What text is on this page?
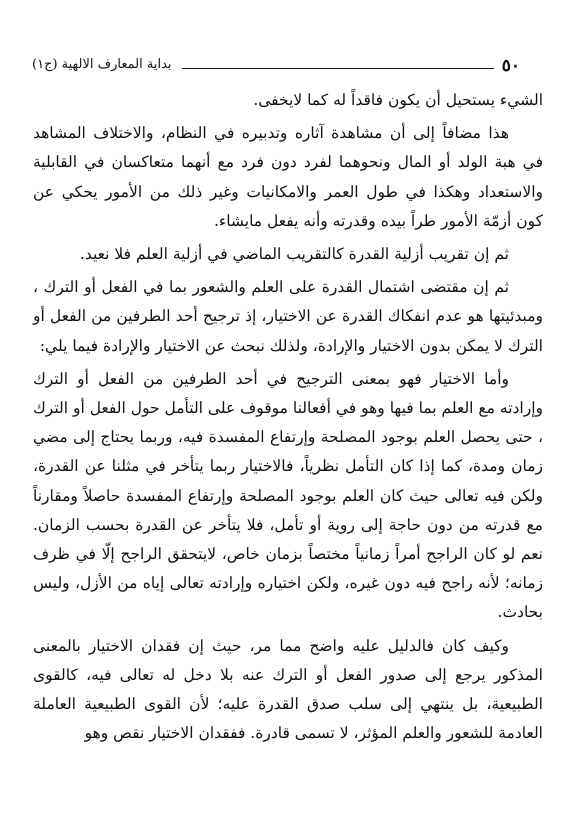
٥٠
بداية المعارف الالهية (ج١)

الشيء يستحيل أن يكون فاقداً له كما لايخفى.

هذا مضافاً إلى أن مشاهدة آثاره وتدبيره في النظام، والاختلاف المشاهد في هبة الولد أو المال ونحوهما لفرد دون فرد مع أنهما متعاكسان في القابلية والاستعداد وهكذا في طول العمر والامكانيات وغير ذلك من الأمور يحكي عن كون أزمّة الأمور طراً بيده وقدرته وأنه يفعل مايشاء.

ثم إن تقريب أزلية القدرة كالتقريب الماضي في أزلية العلم فلا نعيد.

ثم إن مقتضى اشتمال القدرة على العلم والشعور بما في الفعل أو الترك ، ومبدئيتها هو عدم انفكاك القدرة عن الاختيار، إذ ترجيح أحد الطرفين من الفعل أو الترك لا يمكن بدون الاختيار والإرادة، ولذلك نبحث عن الاختيار والإرادة فيما يلي:

وأما الاختيار فهو بمعنى الترجيح في أحد الطرفين من الفعل أو الترك وإرادته مع العلم بما فيها وهو في أفعالنا موقوف على التأمل حول الفعل أو الترك ، حتى يحصل العلم بوجود المصلحة وإرتفاع المفسدة فيه، وربما يحتاج إلى مضي زمان ومدة، كما إذا كان التأمل نظرياً، فالاختيار ربما يتأخر في مثلنا عن القدرة، ولكن فيه تعالى حيث كان العلم بوجود المصلحة وإرتفاع المفسدة حاصلاً ومقارناً مع قدرته من دون حاجة إلى روية أو تأمل، فلا يتأخر عن القدرة بحسب الزمان. نعم لو كان الراجح أمراً زمانياً مختصاً بزمان خاص، لايتحقق الراجح إلّا في ظرف زمانه؛ لأنه راجح فيه دون غيره، ولكن اختياره وإرادته تعالى إياه من الأزل، وليس بحادث.

وكيف كان فالدليل عليه واضح مما مر، حيث إن فقدان الاختيار بالمعنى المذكور يرجع إلى صدور الفعل أو الترك عنه بلا دخل له تعالى فيه، كالقوى الطبيعية، بل ينتهي إلى سلب صدق القدرة عليه؛ لأن القوى الطبيعية العاملة العادمة للشعور والعلم المؤثر، لا تسمى قادرة. ففقدان الاختيار نقص وهو
